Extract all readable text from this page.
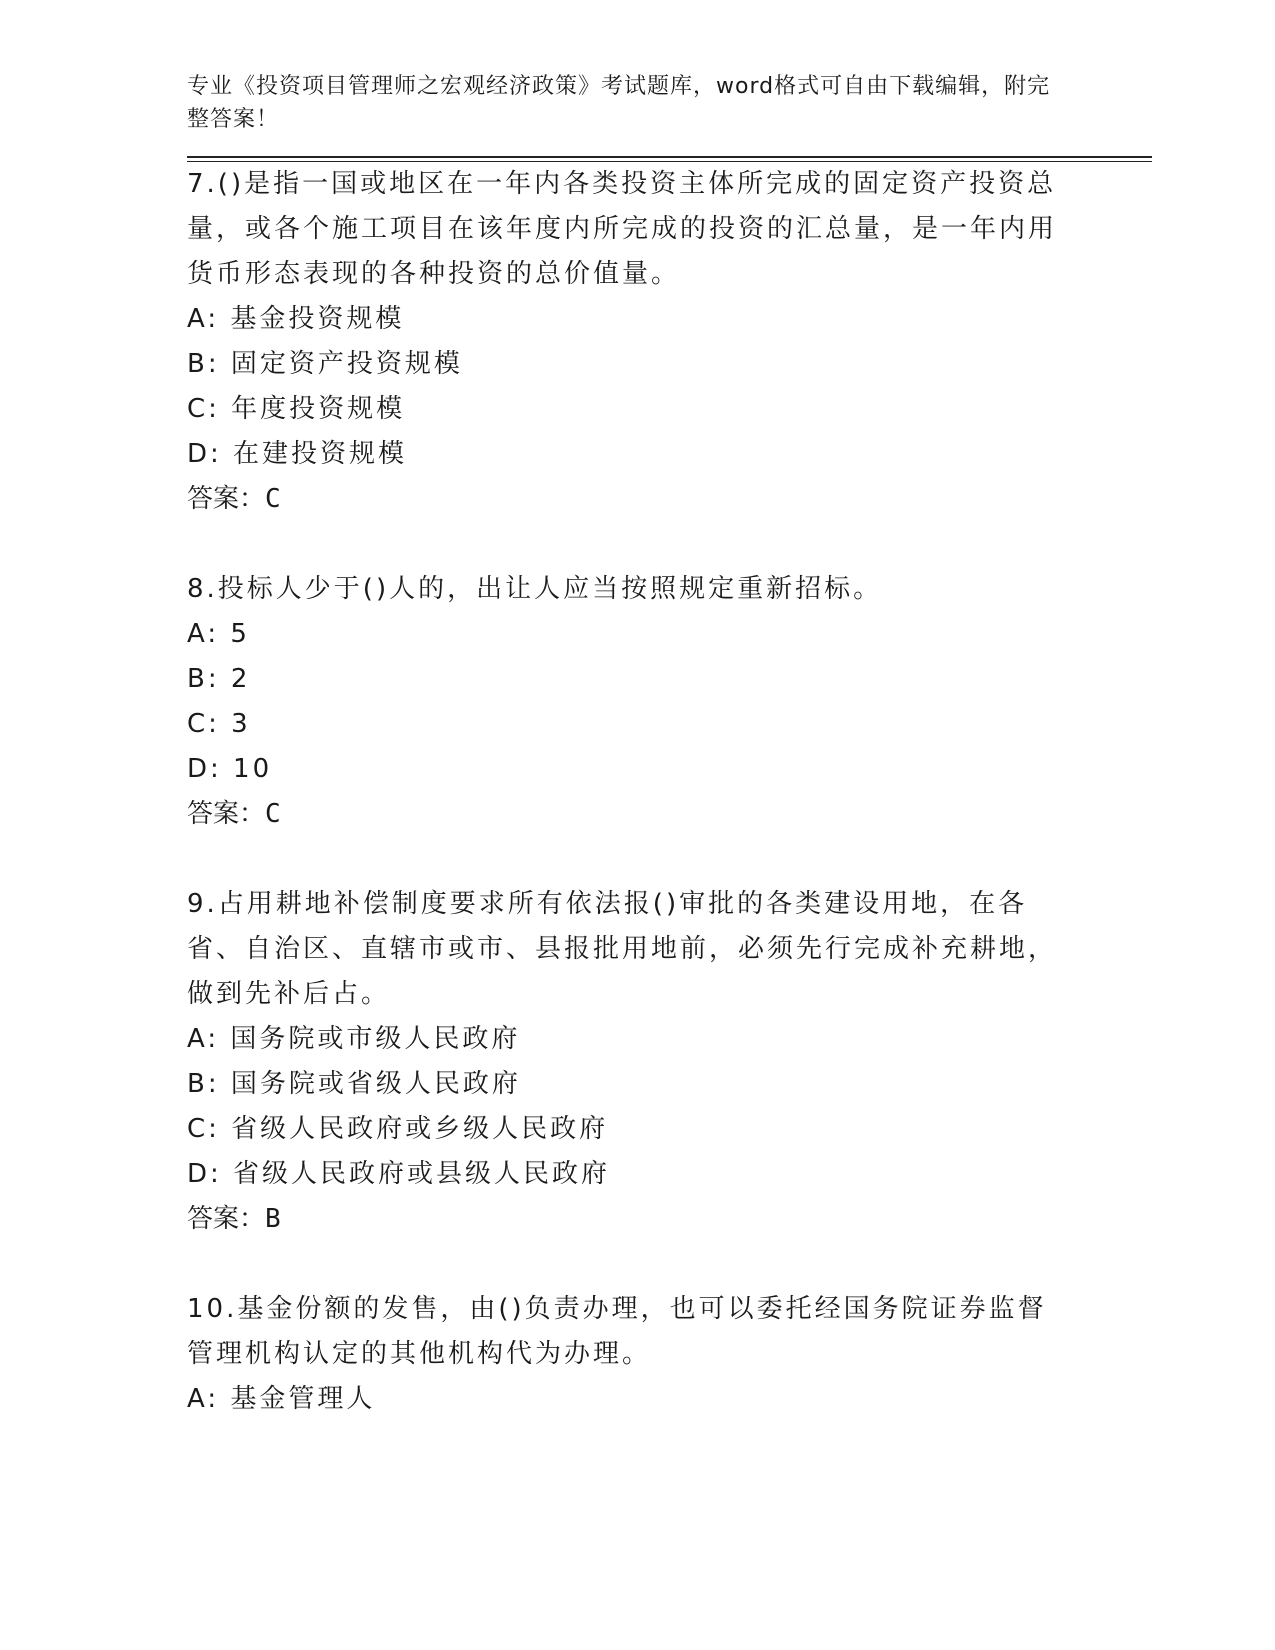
专业《投资项目管理师之宏观经济政策》考试题库，word格式可自由下载编辑，附完整答案！
7.()是指一国或地区在一年内各类投资主体所完成的固定资产投资总量，或各个施工项目在该年度内所完成的投资的汇总量，是一年内用货币形态表现的各种投资的总价值量。
A: 基金投资规模
B: 固定资产投资规模
C: 年度投资规模
D: 在建投资规模
答案：C
8.投标人少于()人的，出让人应当按照规定重新招标。
A: 5
B: 2
C: 3
D: 10
答案：C
9.占用耕地补偿制度要求所有依法报()审批的各类建设用地，在各省、自治区、直辖市或市、县报批用地前，必须先行完成补充耕地，做到先补后占。
A: 国务院或市级人民政府
B: 国务院或省级人民政府
C: 省级人民政府或乡级人民政府
D: 省级人民政府或县级人民政府
答案：B
10.基金份额的发售，由()负责办理，也可以委托经国务院证券监督管理机构认定的其他机构代为办理。
A: 基金管理人
